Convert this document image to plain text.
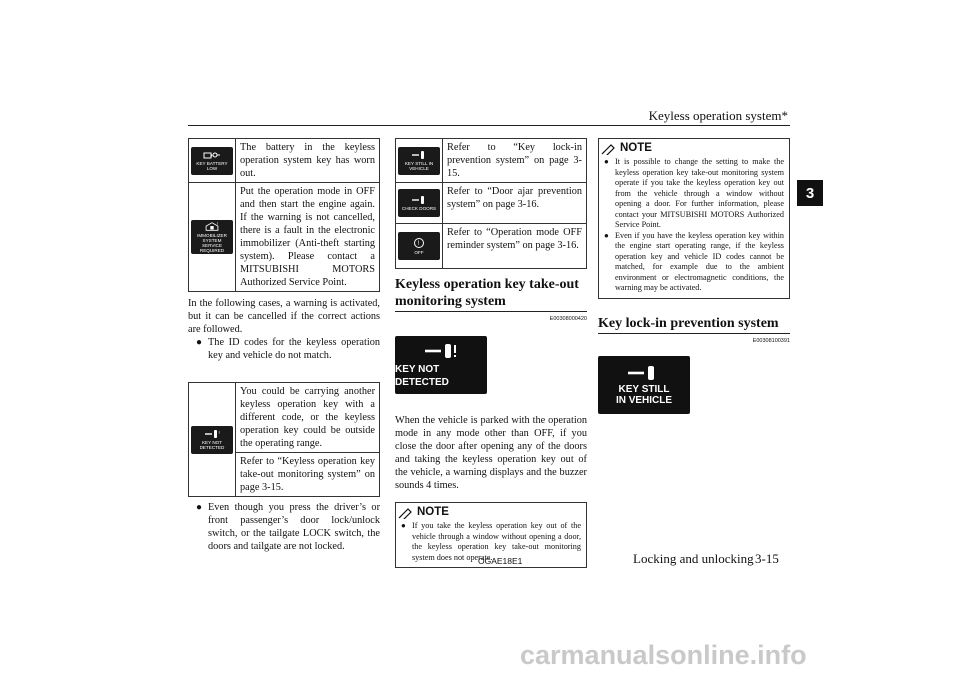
Keyless operation system*
3
KEY BATTERY LOW	The battery in the keyless operation system key has worn out.

!
IMMOBILIZER SYSTEM SERVICE REQUIRED	Put the operation mode in OFF and then start the engine again. If the warning is not cancelled, there is a fault in the electronic immobilizer (Anti-theft starting system). Please contact a MITSUBISHI MOTORS Authorized Service Point.

In the following cases, a warning is activated, but it can be cancelled if the correct actions are followed.

● The ID codes for the keyless operation key and vehicle do not match.
!
KEY NOT DETECTED
	You could be carrying another keyless operation key with a different code, or the keyless operation key could be outside the operating range.
Refer to “Keyless operation key take-out monitoring system” on page 3-15.
● Even though you press the driver’s or front passenger’s door lock/unlock switch, or the tailgate LOCK switch, the doors and tailgate are not locked.
KEY STILL IN VEHICLE	Refer to “Key lock-in prevention system” on page 3-15.

CHECK DOORS	Refer to “Door ajar prevention system” on page 3-16.

!
OFF	Refer to “Operation mode OFF reminder system” on page 3-16.
Keyless operation key take-out monitoring system
E00308000420
KEY NOT DETECTED

When the vehicle is parked with the operation mode in any mode other than OFF, if you close the door after opening any of the doors and taking the keyless operation key out of the vehicle, a warning displays and the buzzer sounds 4 times.

NOTE
● If you take the keyless operation key out of the vehicle through a window without opening a door, the keyless operation key take-out monitoring system does not operate.
NOTE
● It is possible to change the setting to make the keyless operation key take-out monitoring system operate if you take the keyless operation key out from the vehicle through a window without opening a door. For further information, please contact your MITSUBISHI MOTORS Authorized Service Point.
● Even if you have the keyless operation key within the engine start operating range, if the keyless operation key and vehicle ID codes cannot be matched, for example due to the ambient environment or electromagnetic conditions, the warning may be activated.
Key lock-in prevention system
E00308100391
KEY STILL
IN VEHICLE
OGAE18E1	Locking and unlocking 3-15
carmanualsonline.info
